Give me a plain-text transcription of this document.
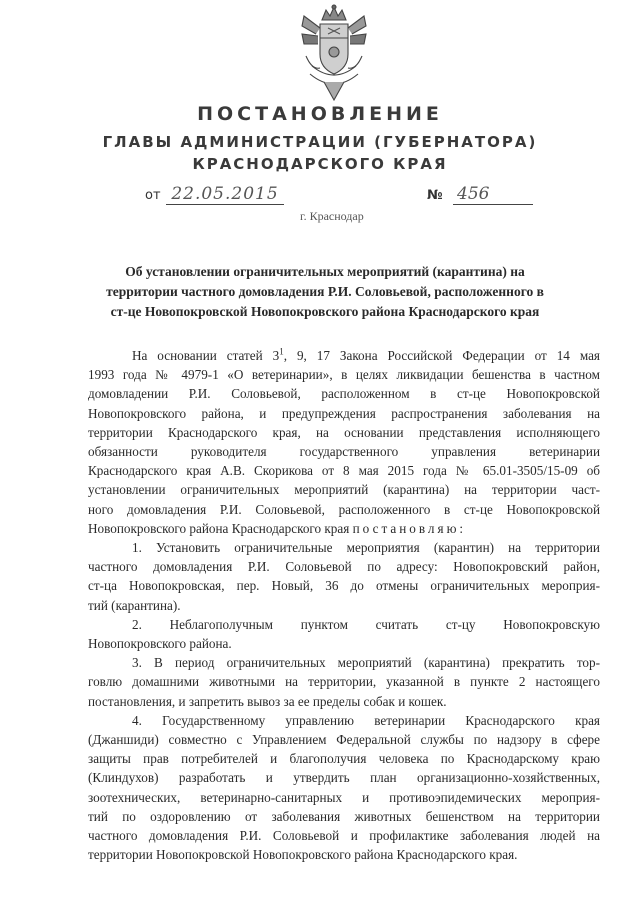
ПОСТАНОВЛЕНИЕ
ГЛАВЫ АДМИНИСТРАЦИИ (ГУБЕРНАТОРА)
КРАСНОДАРСКОГО КРАЯ
от 22.05.2015	№ 456
г. Краснодар

Об установлении ограничительных мероприятий (карантина) на

территории частного домовладения Р.И. Соловьевой, расположенного в

ст-це Новопокровской Новопокровского района Краснодарского края

На основании статей $3^1$, 9, 17 Закона Российской Федерации от 14 мая
1993 года № 4979-1 «О ветеринарии», в целях ликвидации бешенства в частном
домовладении Р.И. Соловьевой, расположенном в ст-це Новопокровской
Новопокровского района, и предупреждения распространения заболевания на
территории Краснодарского края, на основании представления исполняющего
обязанности руководителя государственного управления ветеринарии
Краснодарского края А.В. Скорикова от 8 мая 2015 года № 65.01-3505/15-09 об
установлении ограничительных мероприятий (карантина) на территории част-
ного домовладения Р.И. Соловьевой, расположенного в ст-це Новопокровской
Новопокровского района Краснодарского края постановляю:

1. Установить ограничительные мероприятия (карантин) на территории
частного домовладения Р.И. Соловьевой по адресу: Новопокровский район,
ст-ца Новопокровская, пер. Новый, 36 до отмены ограничительных мероприя-
тий (карантина).

2. Неблагополучным пунктом считать ст-цу Новопокровскую
Новопокровского района.

3. В период ограничительных мероприятий (карантина) прекратить тор-
говлю домашними животными на территории, указанной в пункте 2 настоящего
постановления, и запретить вывоз за ее пределы собак и кошек.

4. Государственному управлению ветеринарии Краснодарского края
(Джаншиди) совместно с Управлением Федеральной службы по надзору в сфере
защиты прав потребителей и благополучия человека по Краснодарскому краю
(Клиндухов) разработать и утвердить план организационно-хозяйственных,
зоотехнических, ветеринарно-санитарных и противоэпидемических мероприя-
тий по оздоровлению от заболевания животных бешенством на территории
частного домовладения Р.И. Соловьевой и профилактике заболевания людей на
территории Новопокровской Новопокровского района Краснодарского края.
